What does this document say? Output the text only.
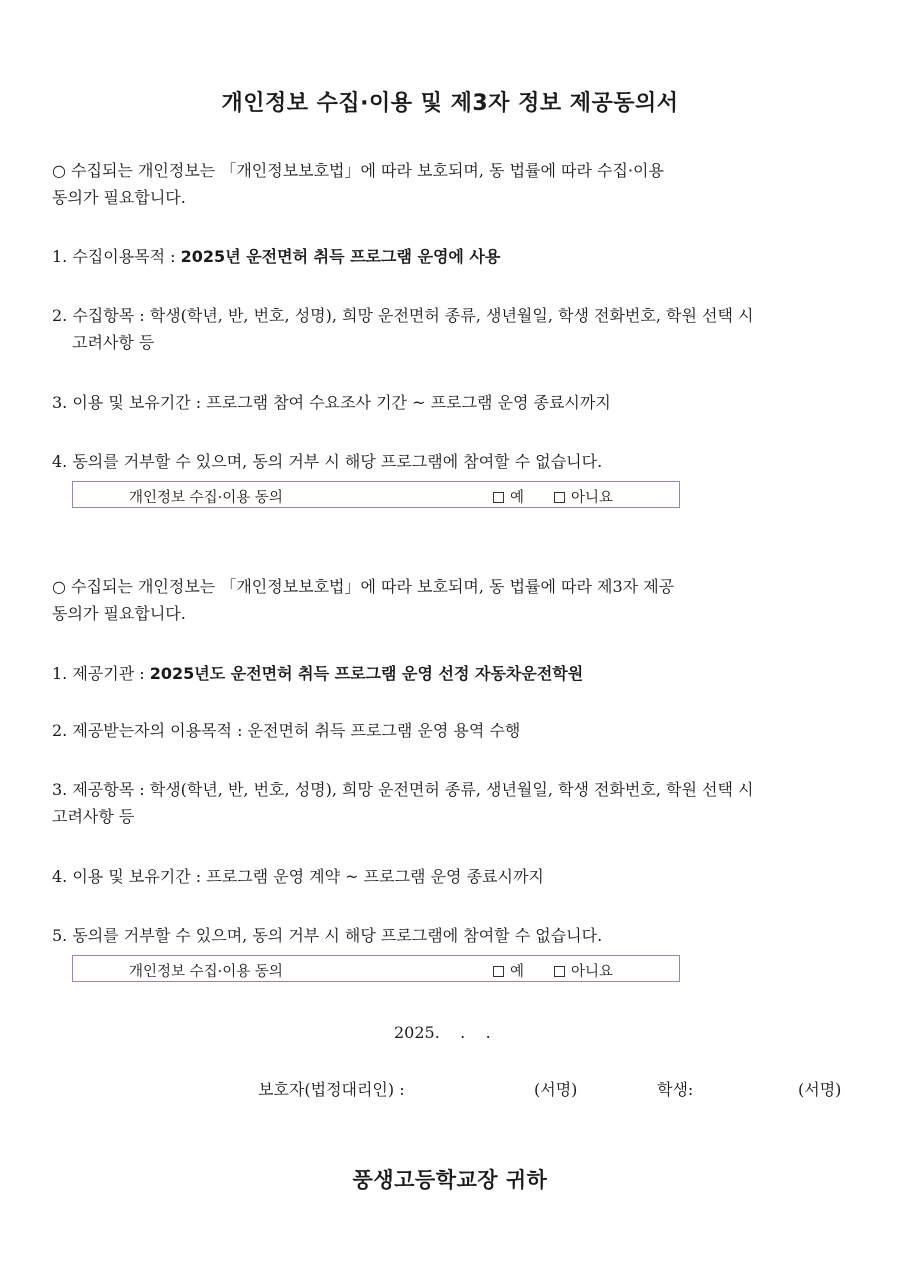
개인정보 수집·이용 및 제3자 정보 제공동의서
○ 수집되는 개인정보는 「개인정보보호법」에 따라 보호되며, 동 법률에 따라 수집·이용
동의가 필요합니다.
1. 수집이용목적 : 2025년 운전면허 취득 프로그램 운영에 사용
2. 수집항목 : 학생(학년, 반, 번호, 성명), 희망 운전면허 종류, 생년월일, 학생 전화번호, 학원 선택 시
고려사항 등
3. 이용 및 보유기간 : 프로그램 참여 수요조사 기간 ~ 프로그램 운영 종료시까지
4. 동의를 거부할 수 있으며, 동의 거부 시 해당 프로그램에 참여할 수 없습니다.
개인정보 수집·이용 동의	예	아니요
○ 수집되는 개인정보는 「개인정보보호법」에 따라 보호되며, 동 법률에 따라 제3자 제공
동의가 필요합니다.
1. 제공기관 : 2025년도 운전면허 취득 프로그램 운영 선정 자동차운전학원
2. 제공받는자의 이용목적 : 운전면허 취득 프로그램 운영 용역 수행
3. 제공항목 : 학생(학년, 반, 번호, 성명), 희망 운전면허 종류, 생년월일, 학생 전화번호, 학원 선택 시
고려사항 등
4. 이용 및 보유기간 : 프로그램 운영 계약 ~ 프로그램 운영 종료시까지
5. 동의를 거부할 수 있으며, 동의 거부 시 해당 프로그램에 참여할 수 없습니다.
개인정보 수집·이용 동의	예	아니요
2025.    .    .
보호자(법정대리인) :	(서명)	학생:	(서명)
풍생고등학교장 귀하
